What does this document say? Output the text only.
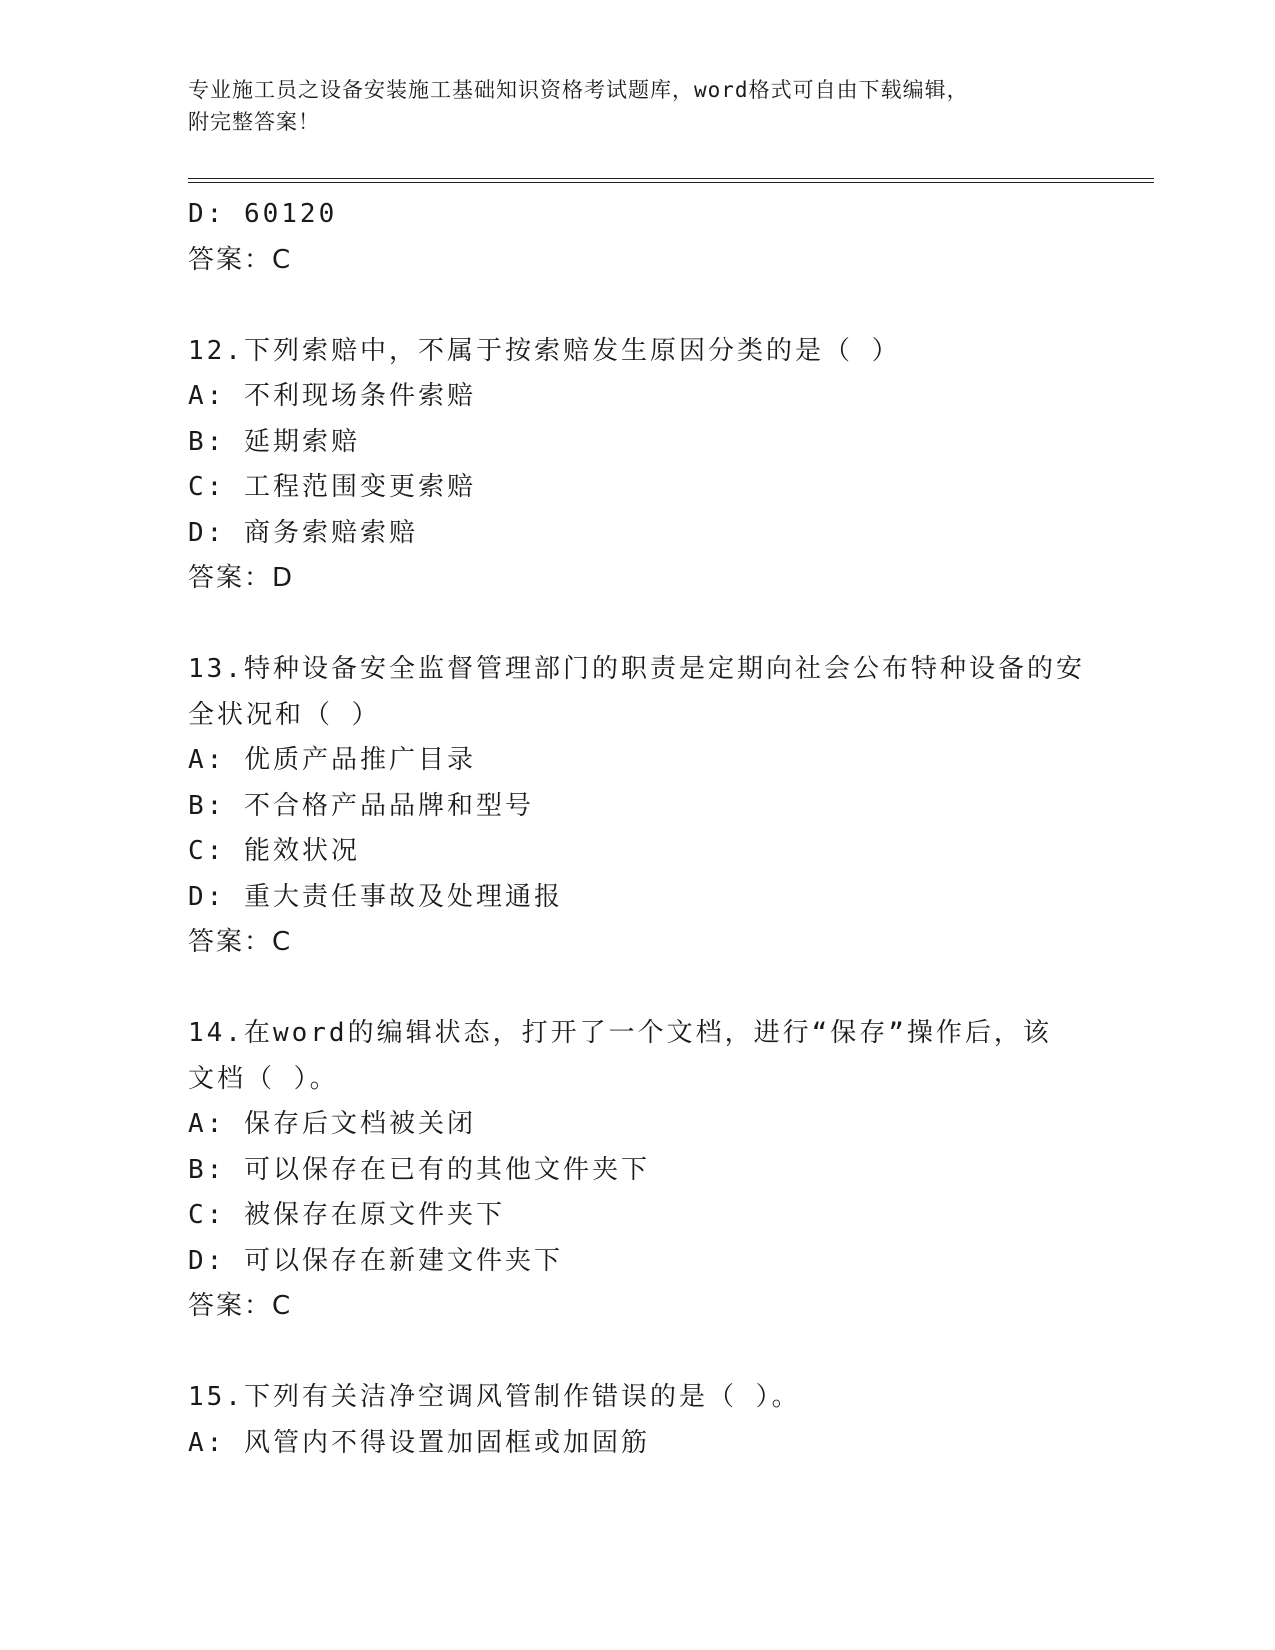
专业施工员之设备安装施工基础知识资格考试题库，word格式可自由下载编辑，
附完整答案！
D: 60120
答案：C
12.下列索赔中，不属于按索赔发生原因分类的是（ ）
A: 不利现场条件索赔
B: 延期索赔
C: 工程范围变更索赔
D: 商务索赔索赔
答案：D
13.特种设备安全监督管理部门的职责是定期向社会公布特种设备的安
全状况和（ ）
A: 优质产品推广目录
B: 不合格产品品牌和型号
C: 能效状况
D: 重大责任事故及处理通报
答案：C
14.在word的编辑状态，打开了一个文档，进行“保存”操作后，该
文档（ ）。
A: 保存后文档被关闭
B: 可以保存在已有的其他文件夹下
C: 被保存在原文件夹下
D: 可以保存在新建文件夹下
答案：C
15.下列有关洁净空调风管制作错误的是（ ）。
A: 风管内不得设置加固框或加固筋
